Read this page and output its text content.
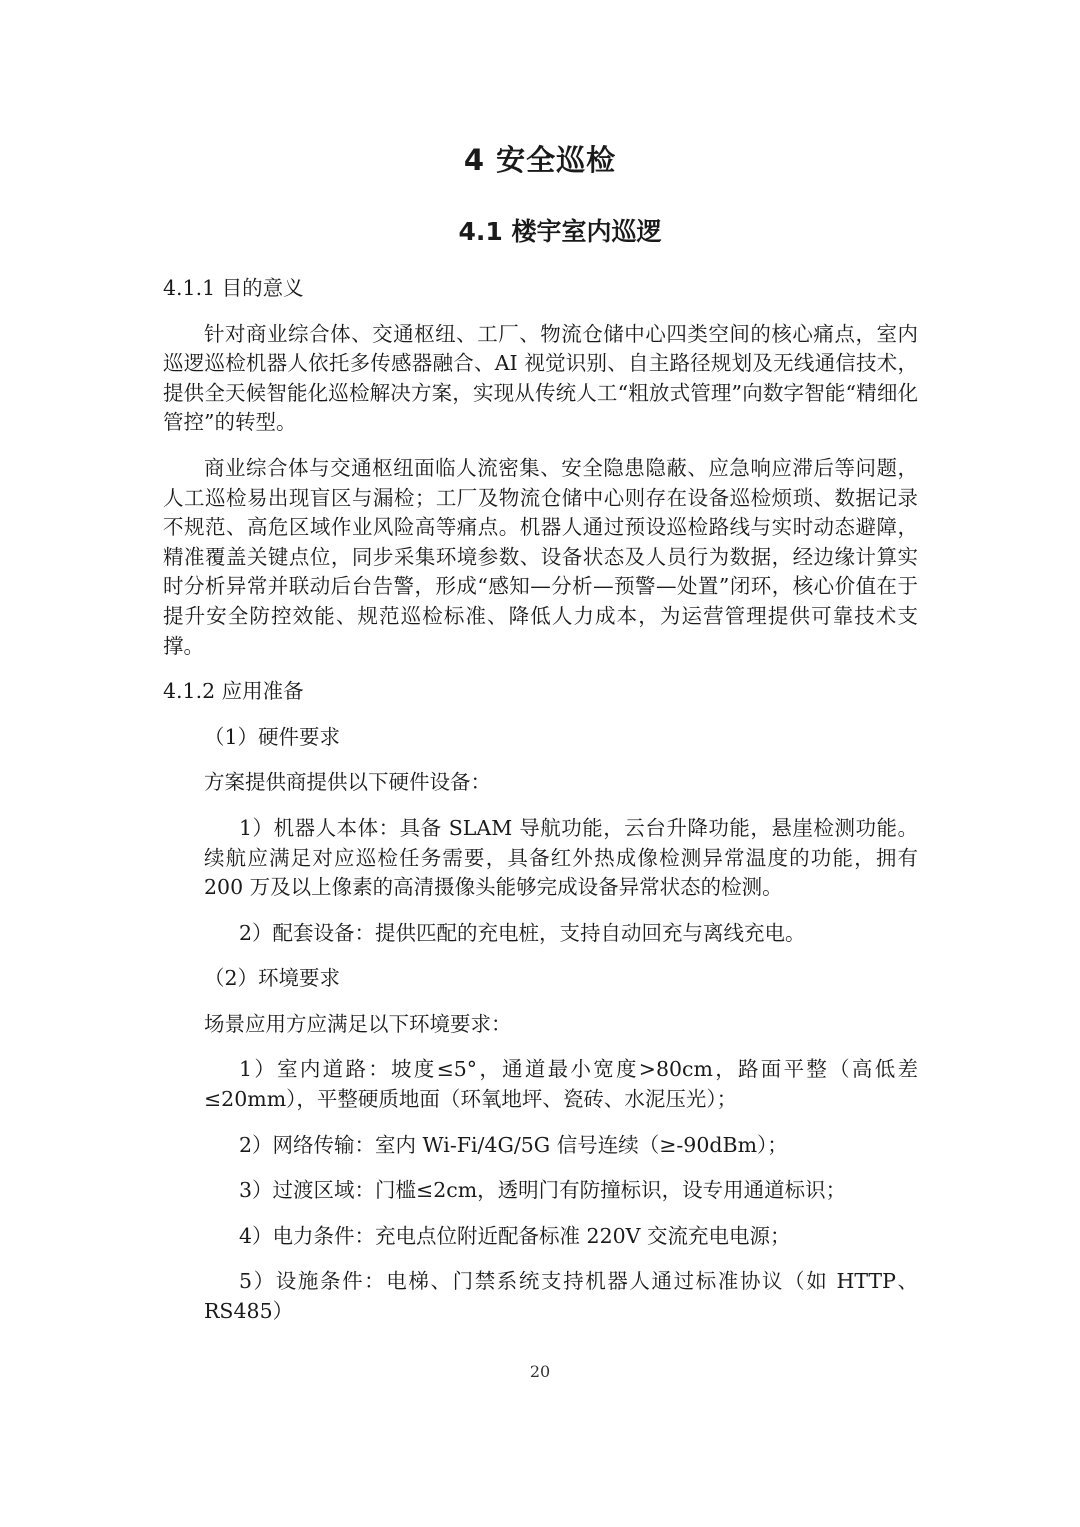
4 安全巡检
4.1 楼宇室内巡逻

4.1.1 目的意义

针对商业综合体、交通枢纽、工厂、物流仓储中心四类空间的核心痛点，室内巡逻巡检机器人依托多传感器融合、AI 视觉识别、自主路径规划及无线通信技术，提供全天候智能化巡检解决方案，实现从传统人工“粗放式管理”向数字智能“精细化管控”的转型。

商业综合体与交通枢纽面临人流密集、安全隐患隐蔽、应急响应滞后等问题，人工巡检易出现盲区与漏检；工厂及物流仓储中心则存在设备巡检烦琐、数据记录不规范、高危区域作业风险高等痛点。机器人通过预设巡检路线与实时动态避障，精准覆盖关键点位，同步采集环境参数、设备状态及人员行为数据，经边缘计算实时分析异常并联动后台告警，形成“感知—分析—预警—处置”闭环，核心价值在于提升安全防控效能、规范巡检标准、降低人力成本，为运营管理提供可靠技术支撑。

4.1.2 应用准备

（1）硬件要求

方案提供商提供以下硬件设备：

1）机器人本体：具备 SLAM 导航功能，云台升降功能，悬崖检测功能。续航应满足对应巡检任务需要，具备红外热成像检测异常温度的功能，拥有 200 万及以上像素的高清摄像头能够完成设备异常状态的检测。

2）配套设备：提供匹配的充电桩，支持自动回充与离线充电。

（2）环境要求

场景应用方应满足以下环境要求：

1）室内道路：坡度≤5°，通道最小宽度>80cm，路面平整（高低差≤20mm），平整硬质地面（环氧地坪、瓷砖、水泥压光）；

2）网络传输：室内 Wi-Fi/4G/5G 信号连续（≥-90dBm）；

3）过渡区域：门槛≤2cm，透明门有防撞标识，设专用通道标识；

4）电力条件：充电点位附近配备标准 220V 交流充电电源；

5）设施条件：电梯、门禁系统支持机器人通过标准协议（如 HTTP、RS485）

20
